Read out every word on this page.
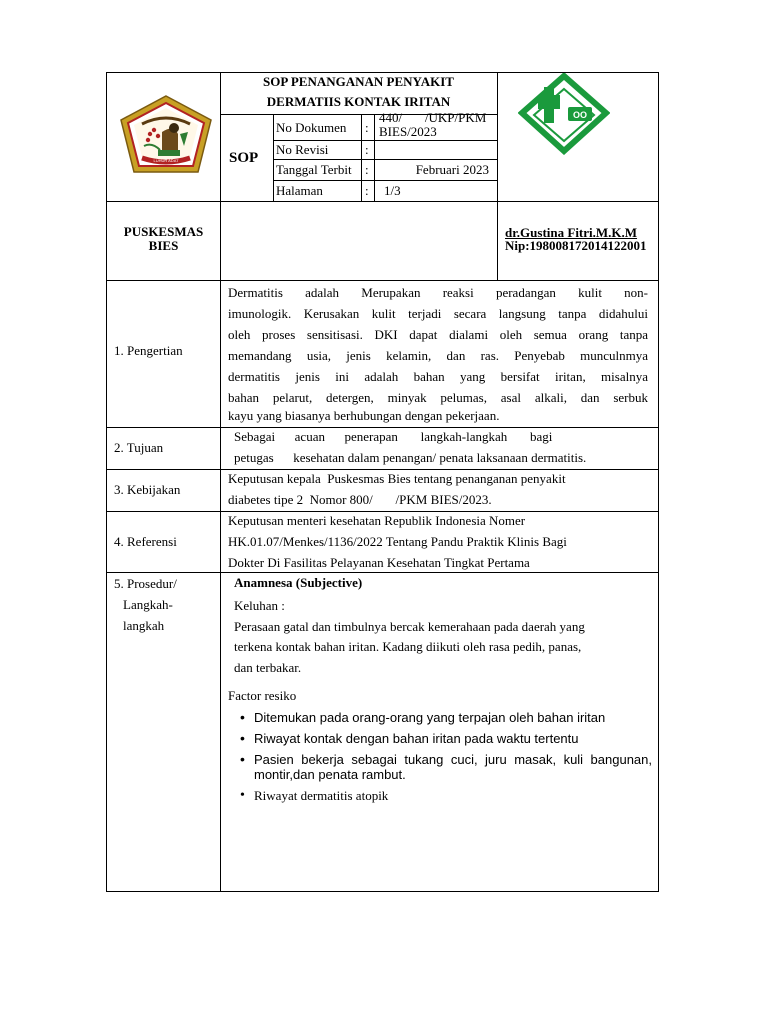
LUHUR ADAT
OO
SOP PENANGANAN PENYAKIT
DERMATIIS KONTAK IRITAN
SOP
No Dokumen :
440/       /UKP/PKM
BIES/2023
No Revisi	:
Tanggal Terbit :	Februari 2023
Halaman	: 1/3
PUSKESMAS
BIES
dr.Gustina Fitri.M.K.M
Nip:198008172014122001
1. Pengertian
Dermatitis adalah Merupakan reaksi peradangan kulit non-
imunologik. Kerusakan kulit terjadi secara langsung tanpa didahului
oleh proses sensitisasi. DKI dapat dialami oleh semua orang tanpa
memandang usia, jenis kelamin, dan ras. Penyebab munculnmya
dermatitis jenis ini adalah bahan yang bersifat iritan, misalnya
bahan pelarut, detergen, minyak pelumas, asal alkali, dan serbuk
kayu yang biasanya berhubungan dengan pekerjaan.
2. Tujuan
Sebagai      acuan      penerapan       langkah-langkah       bagi
petugas      kesehatan dalam penangan/ penata laksanaan dermatitis.
3. Kebijakan
Keputusan kepala  Puskesmas Bies tentang penanganan penyakit
diabetes tipe 2  Nomor 800/       /PKM BIES/2023.
4. Referensi
Keputusan menteri kesehatan Republik Indonesia Nomer
HK.01.07/Menkes/1136/2022 Tentang Pandu Praktik Klinis Bagi
Dokter Di Fasilitas Pelayanan Kesehatan Tingkat Pertama
5. Prosedur/
Langkah-
langkah
Anamnesa (Subjective)
Keluhan :
Perasaan gatal dan timbulnya bercak kemerahaan pada daerah yang
terkena kontak bahan iritan. Kadang diikuti oleh rasa pedih, panas,
dan terbakar.
Factor resiko
• Ditemukan pada orang-orang yang terpajan oleh bahan iritan
• Riwayat kontak dengan bahan iritan pada waktu tertentu
• Pasien bekerja sebagai tukang cuci, juru masak, kuli bangunan, montir,dan penata rambut.
• Riwayat dermatitis atopik
